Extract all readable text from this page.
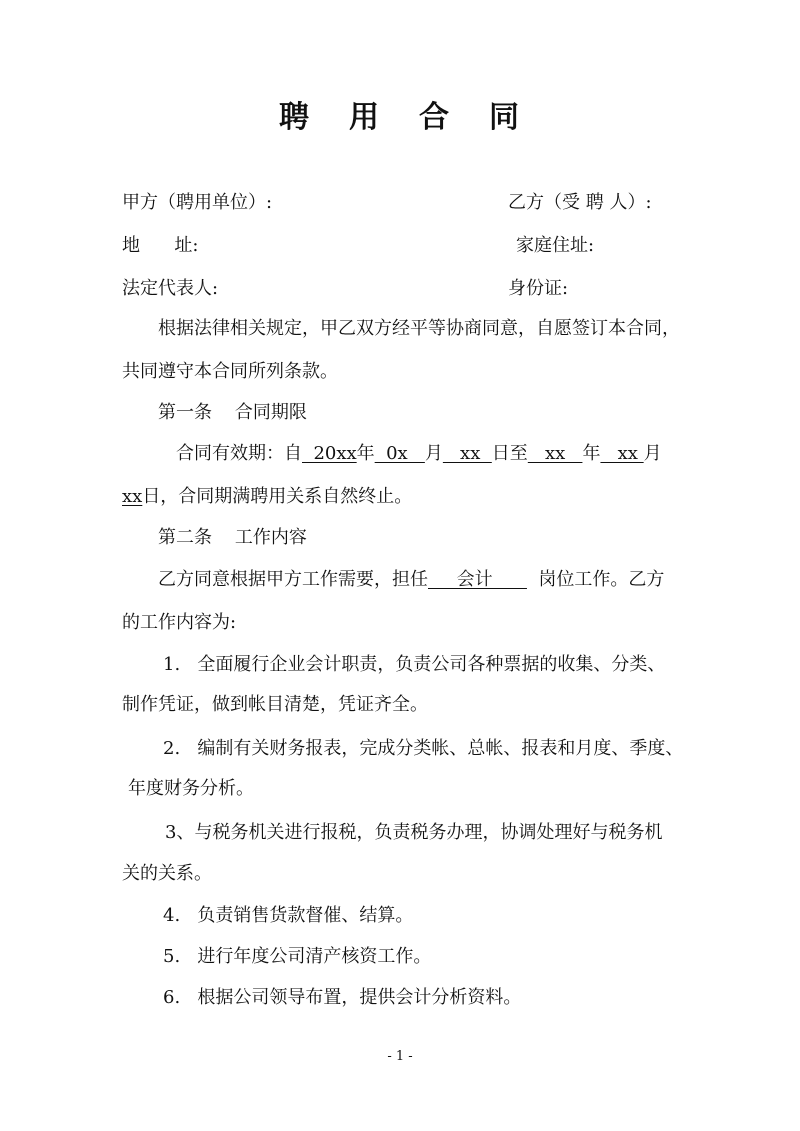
聘 用 合 同
甲方（聘用单位）:	乙方（受 聘 人）:
地      址:	家庭住址:
法定代表人:	身份证:
根据法律相关规定，甲乙双方经平等协商同意，自愿签订本合同，
共同遵守本合同所列条款。
第一条    合同期限
合同有效期：自  20xx年  0x   月   xx  日至   xx   年   xx 月
xx日，合同期满聘用关系自然终止。
第二条    工作内容
乙方同意根据甲方工作需要，担任     会计        岗位工作。乙方
的工作内容为:
1.   全面履行企业会计职责，负责公司各种票据的收集、分类、
制作凭证，做到帐目清楚，凭证齐全。
2.   编制有关财务报表，完成分类帐、总帐、报表和月度、季度、
年度财务分析。
3、与税务机关进行报税，负责税务办理，协调处理好与税务机
关的关系。
4.   负责销售货款督催、结算。
5.   进行年度公司清产核资工作。
6.   根据公司领导布置，提供会计分析资料。
- 1 -
